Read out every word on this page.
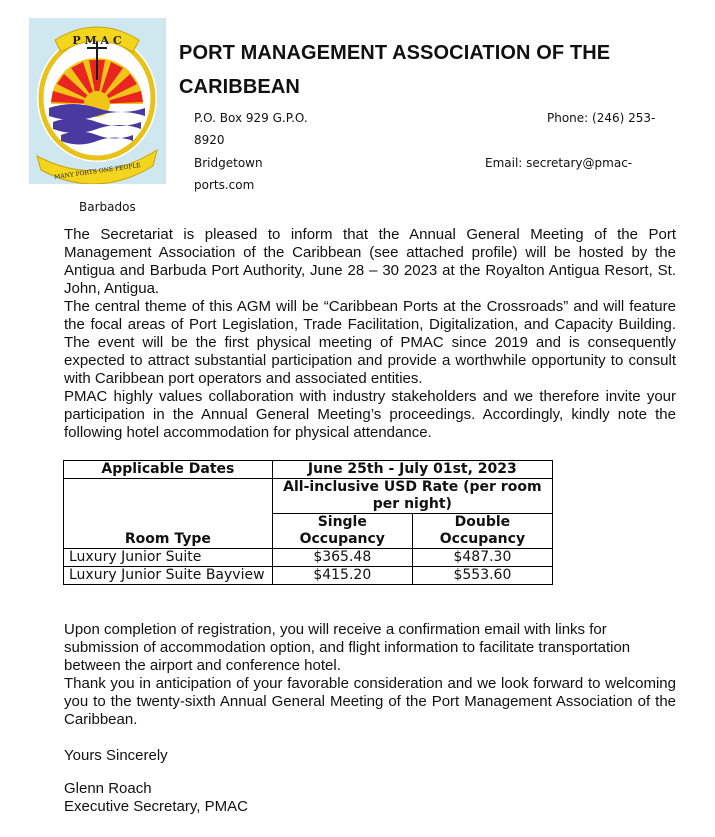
P M A C
MANY PORTS ONE PEOPLE
PORT MANAGEMENT ASSOCIATION OF THE
CARIBBEAN
P.O. Box 929 G.P.O.	Phone: (246) 253-
8920
Bridgetown	Email: secretary@pmac-
ports.com
Barbados

The Secretariat is pleased to inform that the Annual General Meeting of the Port Management Association of the Caribbean (see attached profile) will be hosted by the Antigua and Barbuda Port Authority, June 28 – 30 2023 at the Royalton Antigua Resort, St. John, Antigua.

The central theme of this AGM will be “Caribbean Ports at the Crossroads” and will feature the focal areas of Port Legislation, Trade Facilitation, Digitalization, and Capacity Building. The event will be the first physical meeting of PMAC since 2019 and is consequently expected to attract substantial participation and provide a worthwhile opportunity to consult with Caribbean port operators and associated entities.

PMAC highly values collaboration with industry stakeholders and we therefore invite your participation in the Annual General Meeting’s proceedings. Accordingly, kindly note the following hotel accommodation for physical attendance.

Applicable Dates	June 25th - July 01st, 2023	
Room Type	All-inclusive USD Rate (per room per night)	
	Single Occupancy	Double Occupancy
Luxury Junior Suite	$365.48	$487.30
Luxury Junior Suite Bayview	$415.20	$553.60

Upon completion of registration, you will receive a confirmation email with links for submission of accommodation option, and flight information to facilitate transportation between the airport and conference hotel.

Thank you in anticipation of your favorable consideration and we look forward to welcoming you to the twenty-sixth Annual General Meeting of the Port Management Association of the Caribbean.

Yours Sincerely
Glenn Roach
Executive Secretary, PMAC
